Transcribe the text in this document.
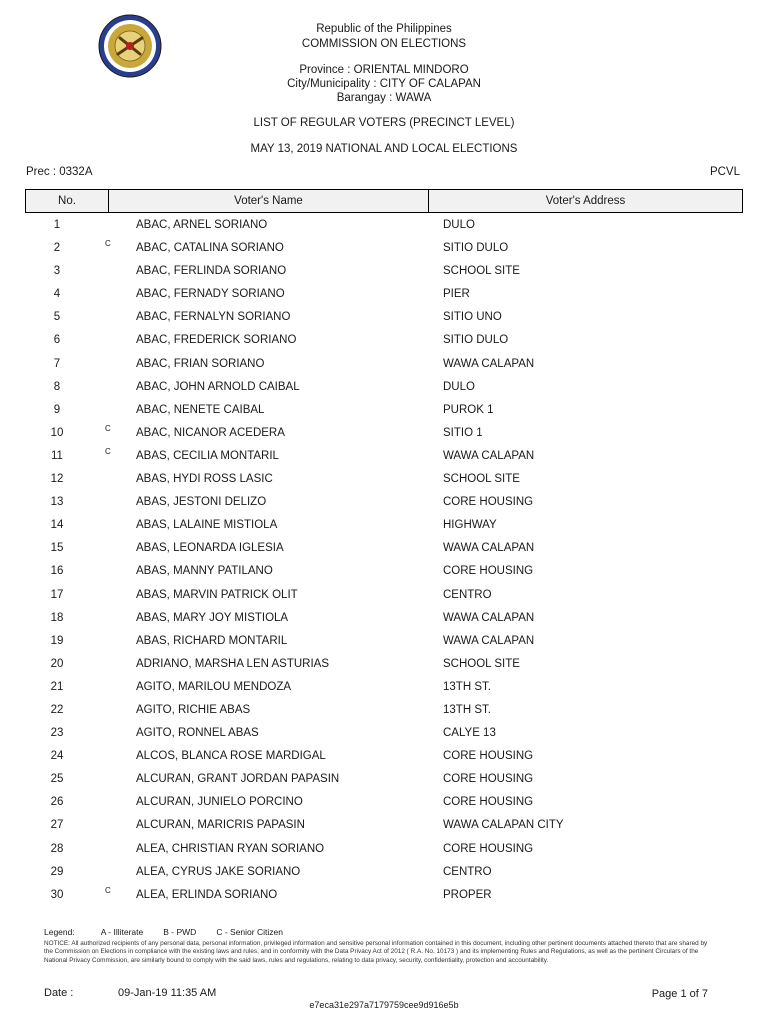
Republic of the Philippines
COMMISSION ON ELECTIONS
Province : ORIENTAL MINDORO
City/Municipality : CITY OF CALAPAN
Barangay : WAWA
LIST OF REGULAR VOTERS (PRECINCT LEVEL)
MAY 13, 2019 NATIONAL AND LOCAL ELECTIONS
Prec : 0332A	PCVL
No.	Voter's Name	Voter's Address
1	ABAC, ARNEL SORIANO	DULO
2	C ABAC, CATALINA SORIANO	SITIO DULO
3	ABAC, FERLINDA SORIANO	SCHOOL SITE
4	ABAC, FERNADY SORIANO	PIER
5	ABAC, FERNALYN SORIANO	SITIO UNO
6	ABAC, FREDERICK SORIANO	SITIO DULO
7	ABAC, FRIAN SORIANO	WAWA CALAPAN
8	ABAC, JOHN ARNOLD CAIBAL	DULO
9	ABAC, NENETE CAIBAL	PUROK 1
10	C ABAC, NICANOR ACEDERA	SITIO 1
11	C ABAS, CECILIA MONTARIL	WAWA CALAPAN
12	ABAS, HYDI ROSS LASIC	SCHOOL SITE
13	ABAS, JESTONI DELIZO	CORE HOUSING
14	ABAS, LALAINE MISTIOLA	HIGHWAY
15	ABAS, LEONARDA IGLESIA	WAWA CALAPAN
16	ABAS, MANNY PATILANO	CORE HOUSING
17	ABAS, MARVIN PATRICK OLIT	CENTRO
18	ABAS, MARY JOY MISTIOLA	WAWA CALAPAN
19	ABAS, RICHARD MONTARIL	WAWA CALAPAN
20	ADRIANO, MARSHA LEN ASTURIAS	SCHOOL SITE
21	AGITO, MARILOU MENDOZA	13TH ST.
22	AGITO, RICHIE ABAS	13TH ST.
23	AGITO, RONNEL ABAS	CALYE 13
24	ALCOS, BLANCA ROSE MARDIGAL	CORE HOUSING
25	ALCURAN, GRANT JORDAN PAPASIN	CORE HOUSING
26	ALCURAN, JUNIELO PORCINO	CORE HOUSING
27	ALCURAN, MARICRIS PAPASIN	WAWA CALAPAN CITY
28	ALEA, CHRISTIAN RYAN SORIANO	CORE HOUSING
29	ALEA, CYRUS JAKE SORIANO	CENTRO
30	C ALEA, ERLINDA SORIANO	PROPER
Legend:	A - Illiterate B - PWD C - Senior Citizen
NOTICE: All authorized recipients of any personal data, personal information, privileged information and sensitive personal information contained in this document, including other pertinent documents attached thereto that are shared by the Commission on Elections in compliance with the existing laws and rules, and in conformity with the Data Privacy Act of 2012 ( R.A. No. 10173 ) and its implementing Rules and Regulations, as well as the pertinent Circulars of the National Privacy Commission, are similarly bound to comply with the said laws, rules and regulations, relating to data privacy, security, confidentiality, protection and accountability.
Date :	09-Jan-19 11:35 AM	Page 1 of 7
e7eca31e297a7179759cee9d916e5b
